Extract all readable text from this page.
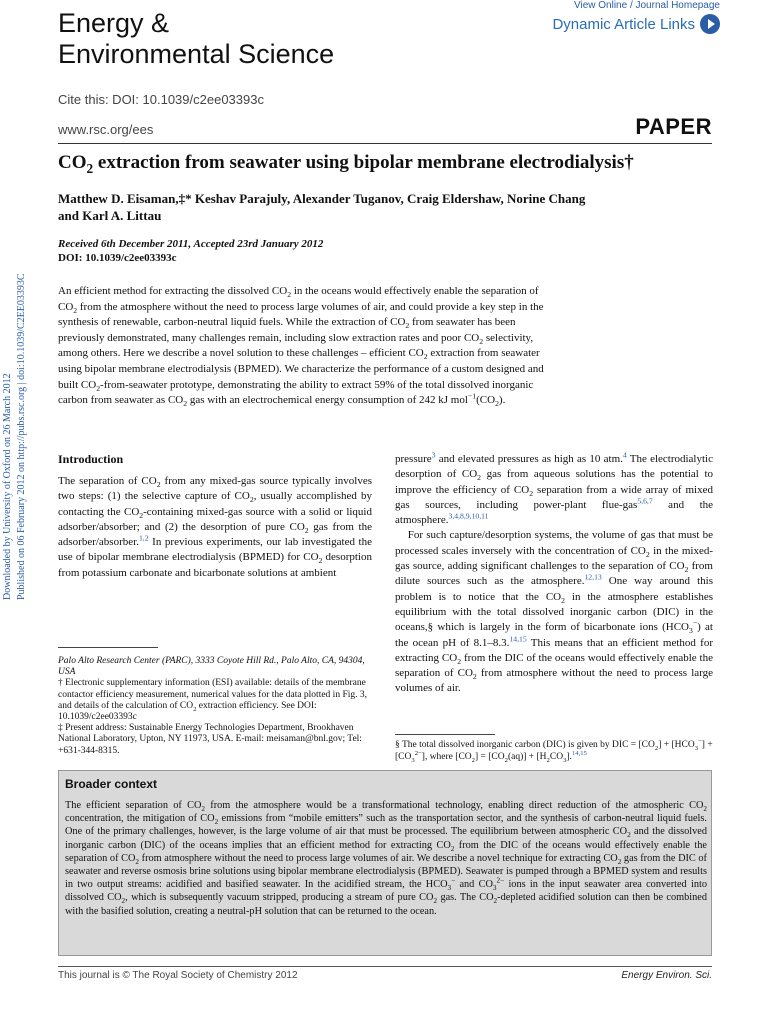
Energy &
Environmental Science
View Online / Journal Homepage
Dynamic Article Links
Cite this: DOI: 10.1039/c2ee03393c
www.rsc.org/ees	PAPER
$CO_2$ extraction from seawater using bipolar membrane electrodialysis†
Matthew D. Eisaman,‡* Keshav Parajuly, Alexander Tuganov, Craig Eldershaw, Norine Chang
and Karl A. Littau
Received 6th December 2011, Accepted 23rd January 2012
DOI: 10.1039/c2ee03393c
Downloaded by University of Oxford on 26 March 2012 Published on 06 February 2012 on http://pubs.rsc.org | doi:10.1039/C2EE03393C	An efficient method for extracting the dissolved $CO_2$ in the oceans would effectively enable the separation of $CO_2$ from the atmosphere without the need to process large volumes of air, and could provide a key step in the synthesis of renewable, carbon-neutral liquid fuels. While the extraction of $CO_2$ from seawater has been previously demonstrated, many challenges remain, including slow extraction rates and poor $CO_2$ selectivity, among others. Here we describe a novel solution to these challenges – efficient $CO_2$ extraction from seawater using bipolar membrane electrodialysis (BPMED). We characterize the performance of a custom designed and built $CO_2-from$-seawater prototype, demonstrating the ability to extract 59% of the total dissolved inorganic carbon from seawater as $CO_2$ gas with an electrochemical energy consumption of 242 kJ $mol^{-1}(CO_2)$.
Introduction
The separation of $CO_2$ from any mixed-gas source typically involves two steps: (1) the selective capture of $CO_2$, usually accomplished by contacting the $CO_2$-containing mixed-gas source with a solid or liquid adsorber/absorber; and (2) the desorption of pure $CO_2$ gas from the adsorber/absorber.$^{1,2}$ In previous experiments, our lab investigated the use of bipolar membrane electrodialysis (BPMED) for $CO_2$ desorption from potassium carbonate and bicarbonate solutions at ambient
Palo Alto Research Center (PARC), 3333 Coyote Hill Rd., Palo Alto, CA, 94304, USA
† Electronic supplementary information (ESI) available: details of the membrane contactor efficiency measurement, numerical values for the data plotted in Fig. 3, and details of the calculation of $CO_2$ extraction efficiency. See DOI: 10.1039/c2ee03393c
‡ Present address: Sustainable Energy Technologies Department, Brookhaven National Laboratory, Upton, NY 11973, USA. E-mail: meisaman@bnl.gov; Tel: +631-344-8315.
pressure$^3$ and elevated pressures as high as 10 atm.$^4$ The electrodialytic desorption of $CO_2$ gas from aqueous solutions has the potential to improve the efficiency of $CO_2$ separation from a wide array of mixed gas sources, including power-plant flue-gas$^{5,6,7}$ and the atmosphere.$^{3,4,8,9,10,11}$
For such capture/desorption systems, the volume of gas that must be processed scales inversely with the concentration of $CO_2$ in the mixed-gas source, adding significant challenges to the separation of $CO_2$ from dilute sources such as the atmosphere.$^{12,13}$ One way around this problem is to notice that the $CO_2$ in the atmosphere establishes equilibrium with the total dissolved inorganic carbon (DIC) in the oceans,§ which is largely in the form of bicarbonate ions $(HCO_3^-)$ at the ocean pH of 8.1–8.3.$^{14,15}$ This means that an efficient method for extracting $CO_2$ from the DIC of the oceans would effectively enable the separation of $CO_2$ from atmosphere without the need to process large volumes of air.
§ The total dissolved inorganic carbon (DIC) is given by DIC = $[CO_2] + [HCO_3^-] + [CO_3^{2-}]$, where $[CO_2] = [CO_2(aq)] + [H_2CO_3].^{14,15}$
Broader context
The efficient separation of $CO_2$ from the atmosphere would be a transformational technology, enabling direct reduction of the atmospheric $CO_2$ concentration, the mitigation of $CO_2$ emissions from “mobile emitters” such as the transportation sector, and the synthesis of carbon-neutral liquid fuels. One of the primary challenges, however, is the large volume of air that must be processed. The equilibrium between atmospheric $CO_2$ and the dissolved inorganic carbon (DIC) of the oceans implies that an efficient method for extracting $CO_2$ from the DIC of the oceans would effectively enable the separation of $CO_2$ from atmosphere without the need to process large volumes of air. We describe a novel technique for extracting $CO_2$ gas from the DIC of seawater and reverse osmosis brine solutions using bipolar membrane electrodialysis (BPMED). Seawater is pumped through a BPMED system and results in two output streams: acidified and basified seawater. In the acidified stream, the $HCO_3^-$ and $CO_3^{2-}$ ions in the input seawater area converted into dissolved $CO_2$, which is subsequently vacuum stripped, producing a stream of pure $CO_2$ gas. The $CO_2$-depleted acidified solution can then be combined with the basified solution, creating a neutral-pH solution that can be returned to the ocean.
This journal is © The Royal Society of Chemistry 2012	Energy Environ. Sci.
